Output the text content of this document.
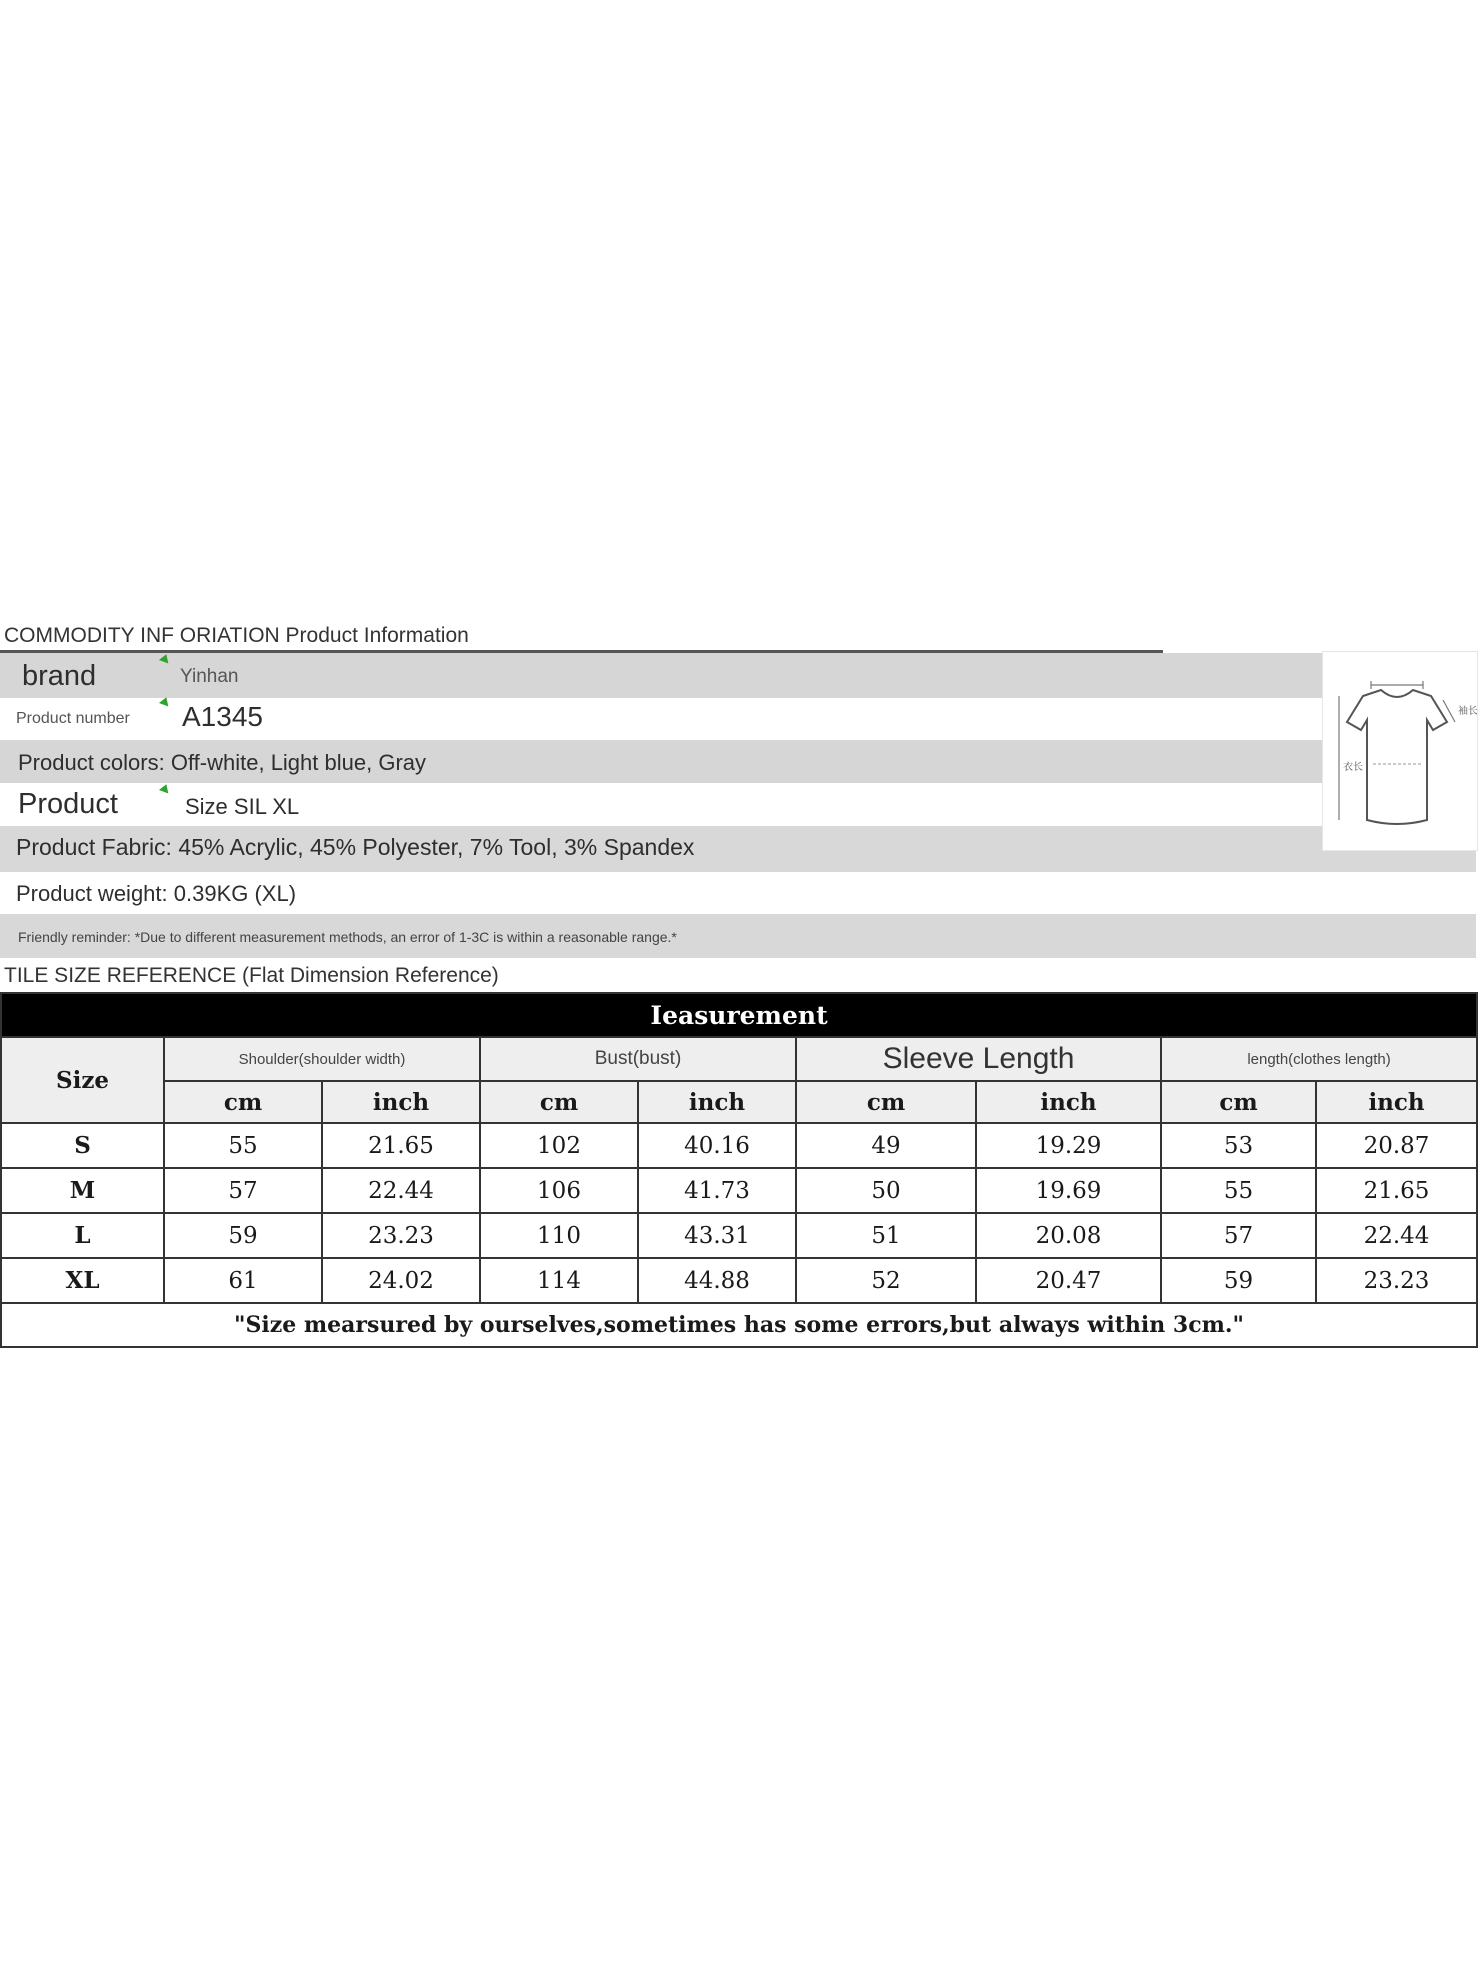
COMMODITY INF ORIATION Product Information
brand	Yinhan
Product number A1345
Product colors: Off-white, Light blue, Gray
Product	Size SIL XL
Product Fabric: 45% Acrylic, 45% Polyester, 7% Tool, 3% Spandex
Product weight: 0.39KG (XL)
Friendly reminder: *Due to different measurement methods, an error of 1-3C is within a reasonable range.*
袖长
衣长
TILE SIZE REFERENCE (Flat Dimension Reference)
Ieasurement								
Size	Shoulder(shoulder width)		Bust(bust)		Sleeve Length		length(clothes length)	
	cm	inch	cm	inch	cm	inch	cm	inch
S	55	21.65	102	40.16	49	19.29	53	20.87
M	57	22.44	106	41.73	50	19.69	55	21.65
L	59	23.23	110	43.31	51	20.08	57	22.44
XL	61	24.02	114	44.88	52	20.47	59	23.23
"Size mearsured by ourselves,sometimes has some errors,but always within 3cm."								
